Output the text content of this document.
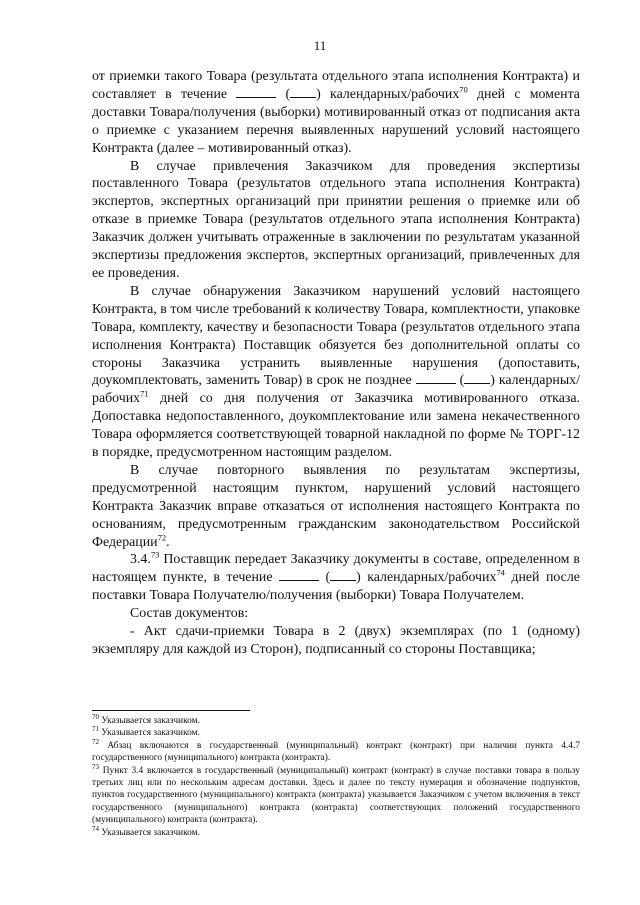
11

от приемки такого Товара (результата отдельного этапа исполнения Контракта) и составляет в течение	( ) календарных/рабочих$^{70}$ дней с момента доставки Товара/получения (выборки) мотивированный отказ от подписания акта о приемке с указанием перечня выявленных нарушений условий настоящего Контракта (далее – мотивированный отказ).

В случае привлечения Заказчиком для проведения экспертизы поставленного Товара (результатов отдельного этапа исполнения Контракта) экспертов, экспертных организаций при принятии решения о приемке или об отказе в приемке Товара (результатов отдельного этапа исполнения Контракта) Заказчик должен учитывать отраженные в заключении по результатам указанной экспертизы предложения экспертов, экспертных организаций, привлеченных для ее проведения.

В случае обнаружения Заказчиком нарушений условий настоящего Контракта, в том числе требований к количеству Товара, комплектности, упаковке Товара, комплекту, качеству и безопасности Товара (результатов отдельного этапа исполнения Контракта) Поставщик обязуется без дополнительной оплаты со стороны Заказчика устранить выявленные нарушения (допоставить, доукомплектовать, заменить Товар) в срок не позднее	( ) календарных/рабочих$^{71}$ дней со дня получения от Заказчика мотивированного отказа. Допоставка недопоставленного, доукомплектование или замена некачественного Товара оформляется соответствующей товарной накладной по форме № ТОРГ-12 в порядке, предусмотренном настоящим разделом.

В случае повторного выявления по результатам экспертизы, предусмотренной настоящим пунктом, нарушений условий настоящего Контракта Заказчик вправе отказаться от исполнения настоящего Контракта по основаниям, предусмотренным гражданским законодательством Российской Федерации$^{72}$.

3.4.73 Поставщик передает Заказчику документы в составе, определенном в настоящем пункте, в течение	( ) календарных/рабочих$^{74}$ дней после поставки Товара Получателю/получения (выборки) Товара Получателем.

Состав документов:

- Акт сдачи-приемки Товара в 2 (двух) экземплярах (по 1 (одному) экземпляру для каждой из Сторон), подписанный со стороны Поставщика;

$^{70}$ Указывается заказчиком.

$^{71}$ Указывается заказчиком.

$^{72}$ Абзац включаются в государственный (муниципальный) контракт (контракт) при наличии пункта 4.4.7 государственного (муниципального) контракта (контракта).

$^{73}$ Пункт 3.4 включается в государственный (муниципальный) контракт (контракт) в случае поставки товара в пользу третьих лиц или по нескольким адресам доставки. Здесь и далее по тексту нумерация и обозначение подпунктов, пунктов государственного (муниципального) контракта (контракта) указывается Заказчиком с учетом включения в текст государственного (муниципального) контракта (контракта) соответствующих положений государственного (муниципального) контракта (контракта).

$^{74}$ Указывается заказчиком.
